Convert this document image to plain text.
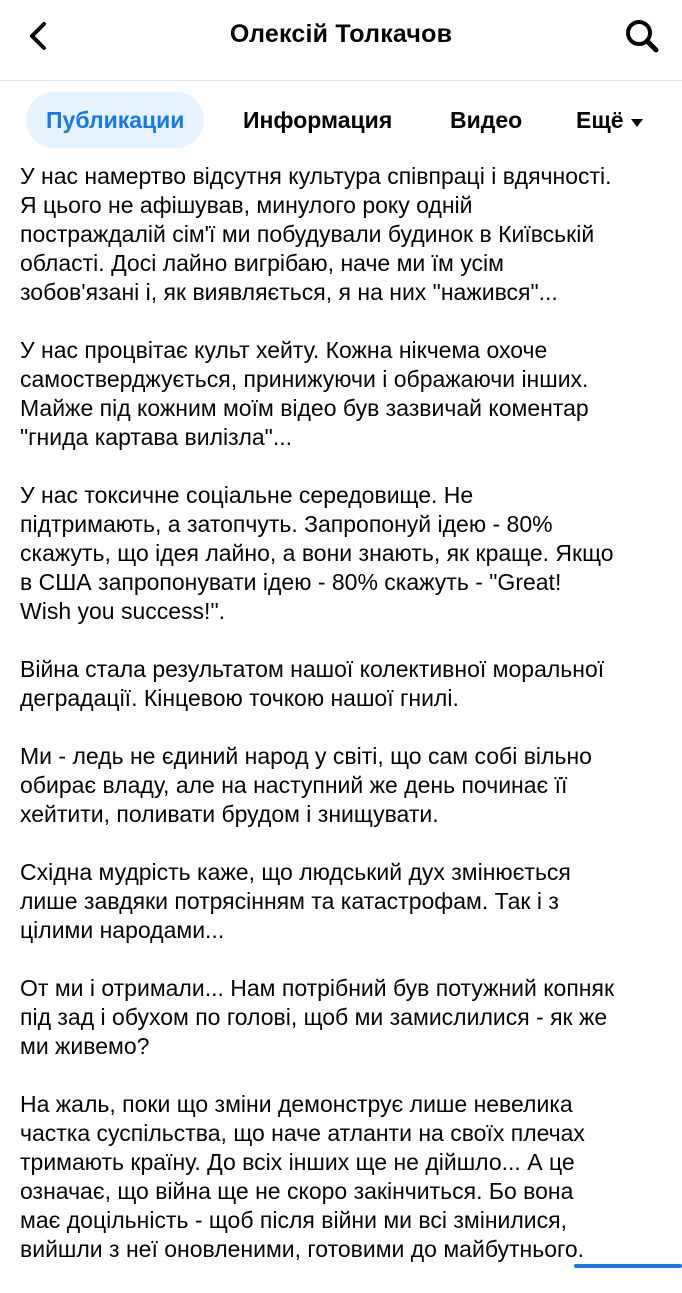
Олексій Толкачов
Публикации	Информация	Видео Ещё

У нас намертво відсутня культура співпраці і вдячності.
Я цього не афішував, минулого року одній
постраждалій сім'ї ми побудували будинок в Київській
області. Досі лайно вигрібаю, наче ми їм усім
зобов'язані і, як виявляється, я на них "нажився"...

У нас процвітає культ хейту. Кожна нікчема охоче
самостверджується, принижуючи і ображаючи інших.
Майже під кожним моїм відео був зазвичай коментар
"гнида картава вилізла"...

У нас токсичне соціальне середовище. Не
підтримають, а затопчуть. Запропонуй ідею - 80%
скажуть, що ідея лайно, а вони знають, як краще. Якщо
в США запропонувати ідею - 80% скажуть - "Great!
Wish you success!".

Війна стала результатом нашої колективної моральної
деградації. Кінцевою точкою нашої гнилі.

Ми - ледь не єдиний народ у світі, що сам собі вільно
обирає владу, але на наступний же день починає її
хейтити, поливати брудом і знищувати.

Східна мудрість каже, що людський дух змінюється
лише завдяки потрясінням та катастрофам. Так і з
цілими народами...

От ми і отримали... Нам потрібний був потужний копняк
під зад і обухом по голові, щоб ми замислилися - як же
ми живемо?

На жаль, поки що зміни демонструє лише невелика
частка суспільства, що наче атланти на своїх плечах
тримають країну. До всіх інших ще не дійшло... А це
означає, що війна ще не скоро закінчиться. Бо вона
має доцільність - щоб після війни ми всі змінилися,
вийшли з неї оновленими, готовими до майбутнього.
